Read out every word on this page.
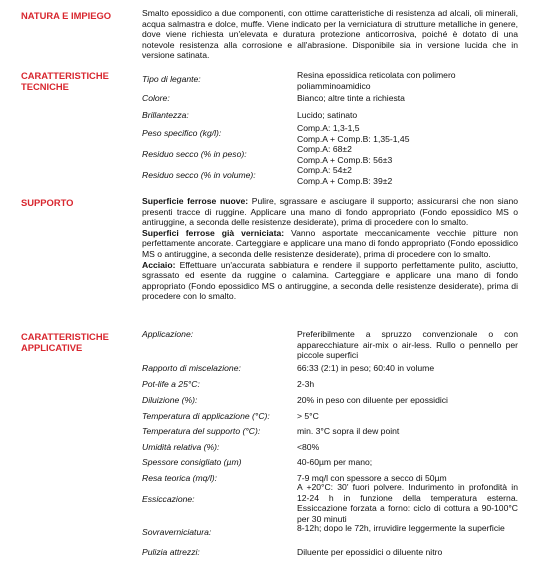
NATURA E IMPIEGO	Smalto epossidico a due componenti, con ottime caratteristiche di resistenza ad alcali, oli minerali, acqua salmastra e dolce, muffe. Viene indicato per la verniciatura di strutture metalliche in genere, dove viene richiesta un'elevata e duratura protezione anticorrosiva, poiché è dotato di una notevole resistenza alla corrosione e all'abrasione. Disponibile sia in versione lucida che in versione satinata.
CARATTERISTICHE
TECNICHE
Tipo di legante:	Resina epossidica reticolata con polimero
poliamminoamidico
Colore:	Bianco; altre tinte a richiesta
Brillantezza:	Lucido; satinato
Peso specifico (kg/l):	Comp.A: 1,3-1,5
Comp.A + Comp.B: 1,35-1,45
Residuo secco (% in peso):	Comp.A: 68±2
Comp.A + Comp.B: 56±3
Residuo secco (% in volume):	Comp.A: 54±2
Comp.A + Comp.B: 39±2
SUPPORTO	Superficie ferrose nuove: Pulire, sgrassare e asciugare il supporto; assicurarsi che non siano presenti tracce di ruggine. Applicare una mano di fondo appropriato (Fondo epossidico MS o antiruggine, a seconda delle resistenze desiderate), prima di procedere con lo smalto.
Superfici ferrose già verniciata: Vanno asportate meccanicamente vecchie pitture non perfettamente ancorate. Carteggiare e applicare una mano di fondo appropriato (Fondo epossidico MS o antiruggine, a seconda delle resistenze desiderate), prima di procedere con lo smalto.
Acciaio: Effettuare un'accurata sabbiatura e rendere il supporto perfettamente pulito, asciutto, sgrassato ed esente da ruggine o calamina. Carteggiare e applicare una mano di fondo appropriato (Fondo epossidico MS o antiruggine, a seconda delle resistenze desiderate), prima di procedere con lo smalto.
CARATTERISTICHE
APPLICATIVE
Applicazione:	Preferibilmente a spruzzo convenzionale o con apparecchiature air-mix o air-less. Rullo o pennello per piccole superfici
Rapporto di miscelazione:	66:33 (2:1) in peso; 60:40 in volume
Pot-life a 25°C:	2-3h
Diluizione (%):	20% in peso con diluente per epossidici
Temperatura di applicazione (°C):	> 5°C
Temperatura del supporto (°C):	min. 3°C sopra il dew point
Umidità relativa (%):	<80%
Spessore consigliato (µm)	40-60µm per mano;
Resa teorica (mq/l):	7-9 mq/l con spessore a secco di 50µm
Essiccazione:
A +20°C: 30' fuori polvere. Indurimento in profondità in 12-24 h in funzione della temperatura esterna. Essiccazione forzata a forno: ciclo di cottura a 90-100°C per 30 minuti
Sovraverniciatura:	8-12h; dopo le 72h, irruvidire leggermente la superficie
Pulizia attrezzi:	Diluente per epossidici o diluente nitro
